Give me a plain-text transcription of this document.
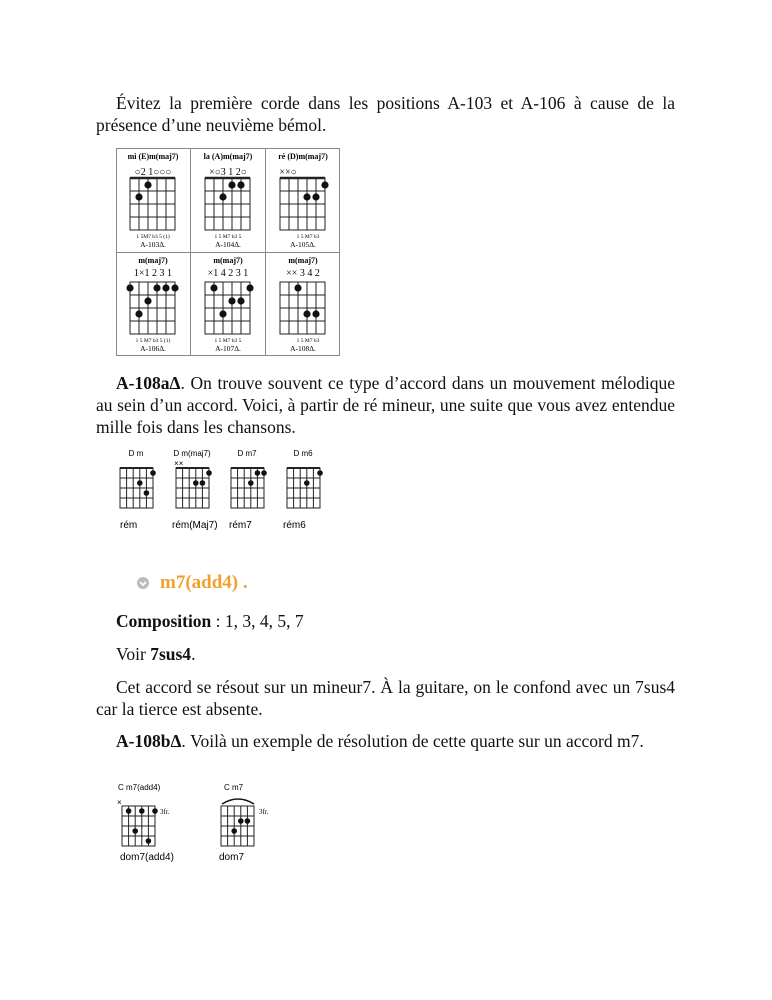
Évitez la première corde dans les positions A-103 et A-106 à cause de la présence d’une neuvième bémol.

mi (E)m(maj7)
○2 1○○○
1 5M7 b3 5 (1)
A-103Δ.
la (A)m(maj7)
×○3 1 2○
1 5 M7 b3 5
A-104Δ.
ré (D)m(maj7)
××○
1 5 M7 b3
A-105Δ.
m(maj7)
1×1 2 3 1
1 5 M7 b3 5 (1)
A-106Δ.
m(maj7)
×1 4 2 3 1
1 5 M7 b3 5
A-107Δ.
m(maj7)
×× 3 4 2
1 5 M7 b3
A-108Δ.

A-108aΔ. On trouve souvent ce type d’accord dans un mouvement mélodique au sein d’un accord. Voici, à partir de ré mineur, une suite que vous avez entendue mille fois dans les chansons.

D m
rém
D m(maj7)
××
rém(Maj7)
D m7
rém7
D m6
rém6
m7(add4) .

Composition : 1, 3, 4, 5, 7

Voir 7sus4.

Cet accord se résout sur un mineur7. À la guitare, on le confond avec un 7sus4 car la tierce est absente.

A-108bΔ. Voilà un exemple de résolution de cette quarte sur un accord m7.

C m7(add4)
×
3fr.
dom7(add4)
C m7
3fr.
dom7
